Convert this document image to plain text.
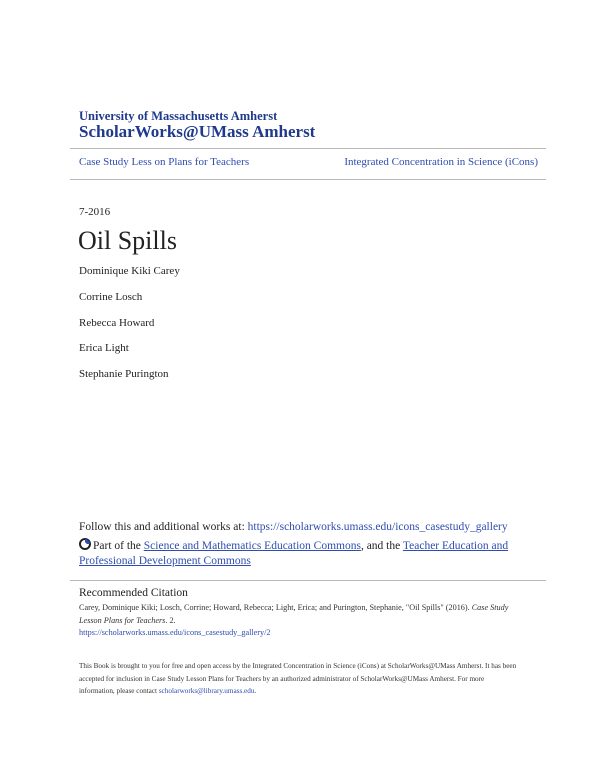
University of Massachusetts Amherst
ScholarWorks@UMass Amherst
Case Study Less on Plans for Teachers	Integrated Concentration in Science (iCons)
7-2016
Oil Spills
Dominique Kiki Carey
Corrine Losch
Rebecca Howard
Erica Light
Stephanie Purington
Follow this and additional works at: https://scholarworks.umass.edu/icons_casestudy_gallery
Part of the Science and Mathematics Education Commons, and the Teacher Education and Professional Development Commons
Recommended Citation
Carey, Dominique Kiki; Losch, Corrine; Howard, Rebecca; Light, Erica; and Purington, Stephanie, "Oil Spills" (2016). Case Study Lesson Plans for Teachers. 2.
https://scholarworks.umass.edu/icons_casestudy_gallery/2
This Book is brought to you for free and open access by the Integrated Concentration in Science (iCons) at ScholarWorks@UMass Amherst. It has been accepted for inclusion in Case Study Lesson Plans for Teachers by an authorized administrator of ScholarWorks@UMass Amherst. For more information, please contact scholarworks@library.umass.edu.
